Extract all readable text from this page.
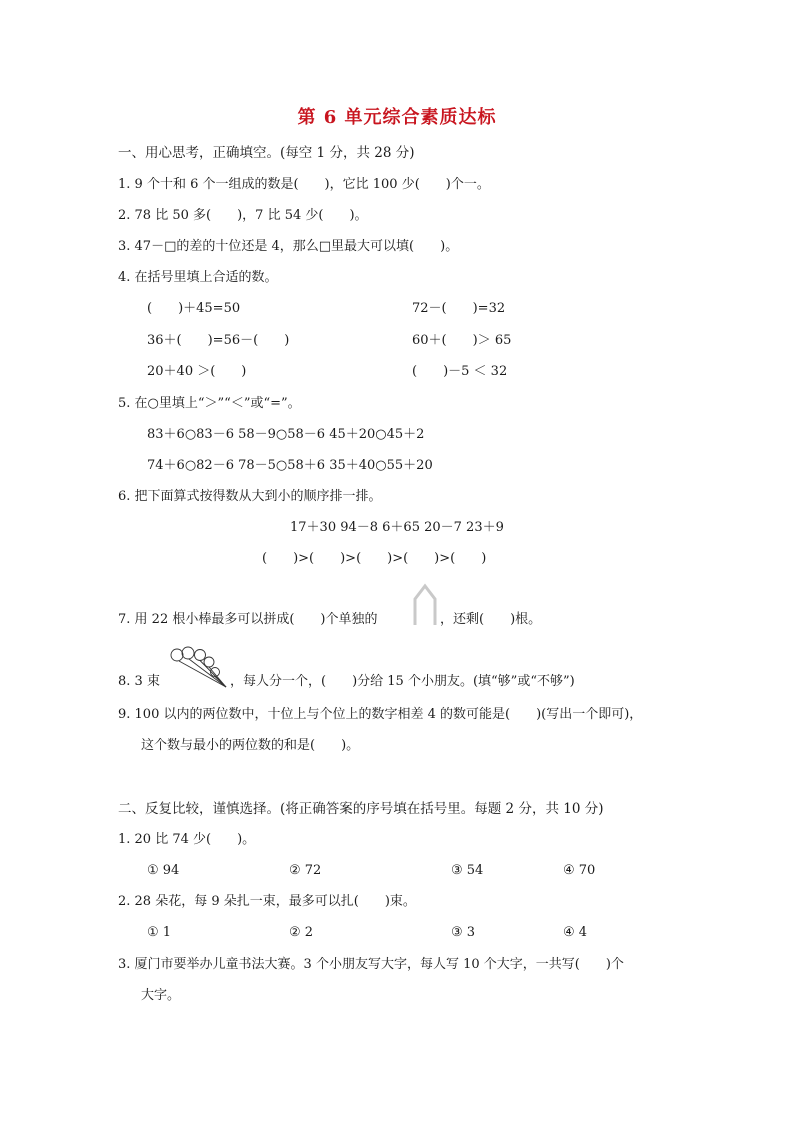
第 6 单元综合素质达标
一、用心思考，正确填空。(每空 1 分，共 28 分)
1. 9 个十和 6 个一组成的数是(　　)，它比 100 少(　　)个一。
2. 78 比 50 多(　　)，7 比 54 少(　　)。
3. 47－□的差的十位还是 4，那么□里最大可以填(　　)。
4. 在括号里填上合适的数。
(　　)＋45=50	72－(　　)=32
36＋(　　)=56－(　　)	60＋(　　)＞ 65
20＋40 ＞(　　)	(　　)－5 ＜ 32
5. 在○里填上“＞”“＜”或“=”。
83＋6○83－6 58－9○58－6 45＋20○45＋2
74＋6○82－6 78－5○58＋6 35＋40○55＋20
6. 把下面算式按得数从大到小的顺序排一排。
17＋30 94－8 6＋65 20－7 23＋9
(　　)>(　　)>(　　)>(　　)>(　　)
7. 用 22 根小棒最多可以拼成(　　)个单独的	，还剩(　　)根。
8. 3 束	，每人分一个，(　　)分给 15 个小朋友。(填“够”或“不够”)
9. 100 以内的两位数中，十位上与个位上的数字相差 4 的数可能是(　　)(写出一个即可)，
这个数与最小的两位数的和是(　　)。
二、反复比较，谨慎选择。(将正确答案的序号填在括号里。每题 2 分，共 10 分)
1. 20 比 74 少(　　)。
① 94	② 72	③ 54	④ 70
2. 28 朵花，每 9 朵扎一束，最多可以扎(　　)束。
① 1	② 2	③ 3	④ 4
3. 厦门市要举办儿童书法大赛。3 个小朋友写大字，每人写 10 个大字，一共写(　　)个
大字。
